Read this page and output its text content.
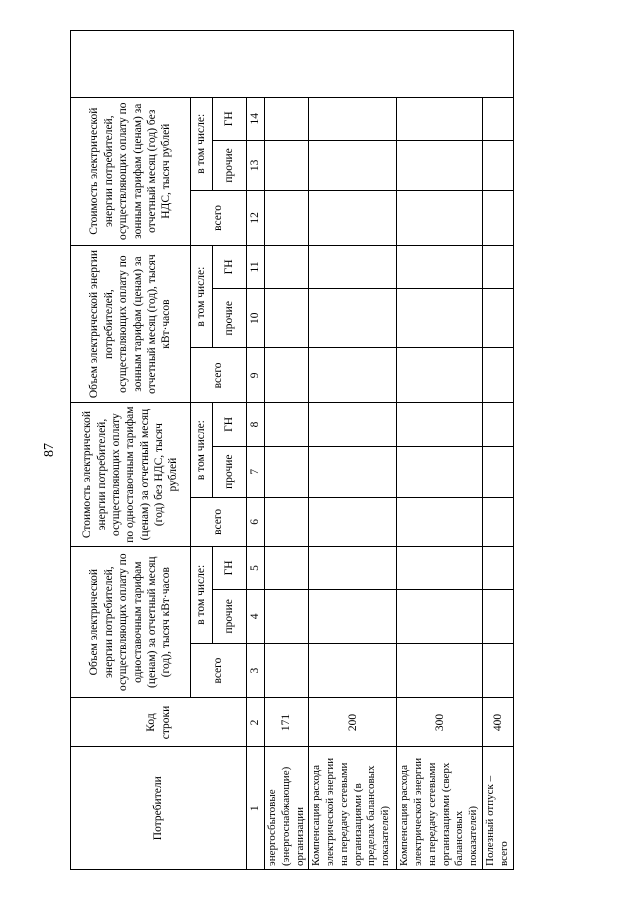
87
Потребители	Код строки	Объем электрической энергии потребителей, осуществляющих оплату по одноставочным тарифам (ценам) за отчетный месяц (год), тысяч кВт·часов			Стоимость электрической энергии потребителей, осуществляющих оплату по одноставочным тарифам (ценам) за отчетный месяц (год) без НДС, тысяч рублей			Объем электрической энергии потребителей, осуществляющих оплату по зонным тарифам (ценам) за отчетный месяц (год), тысяч кВт·часов			Стоимость электрической энергии потребителей, осуществляющих оплату по зонным тарифам (ценам) за отчетный месяц (год) без НДС, тысяч рублей			
		всего	в том числе:		всего	в том числе:		всего	в том числе:		всего	в том числе:		
			прочие	ГН		прочие	ГН		прочие	ГН		прочие	ГН	
1	2	3	4	5	6	7	8	9	10	11	12	13	14	
энергосбытовые (энергоснабжающие) организации	171													
Компенсация расхода электрической энергии на передачу сетевыми организациями (в пределах балансовых показателей)	200													
Компенсация расхода электрической энергии на передачу сетевыми организациями (сверх балансовых показателей)	300													
Полезный отпуск – всего	400													
